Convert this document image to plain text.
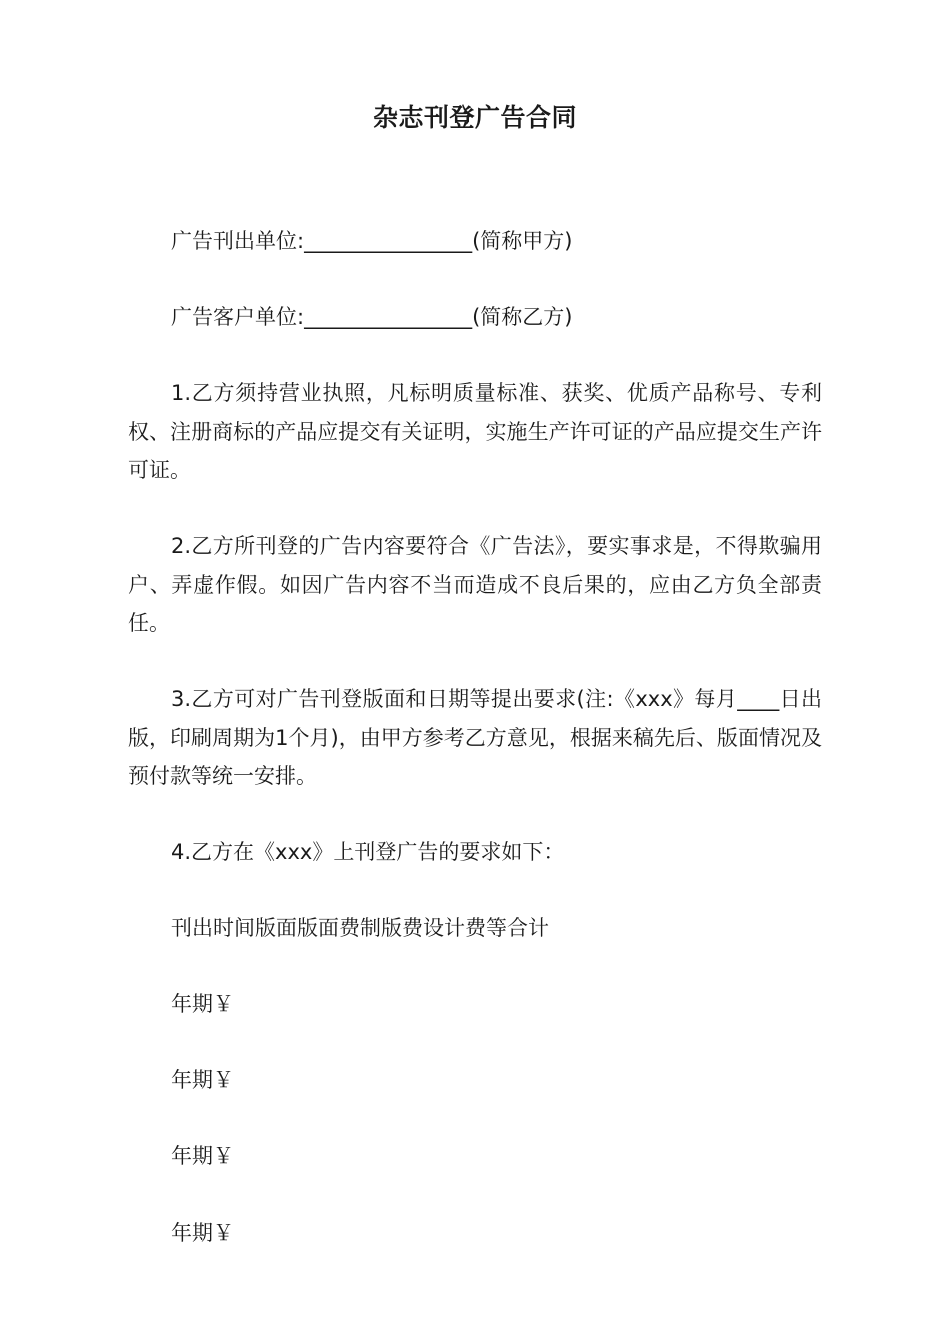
杂志刊登广告合同
广告刊出单位:________________(简称甲方)
广告客户单位:________________(简称乙方)
1.乙方须持营业执照，凡标明质量标准、获奖、优质产品称号、专利权、注册商标的产品应提交有关证明，实施生产许可证的产品应提交生产许可证。
2.乙方所刊登的广告内容要符合《广告法》，要实事求是，不得欺骗用户、弄虚作假。如因广告内容不当而造成不良后果的，应由乙方负全部责任。
3.乙方可对广告刊登版面和日期等提出要求(注:《xxx》每月____日出版，印刷周期为1个月)，由甲方参考乙方意见，根据来稿先后、版面情况及预付款等统一安排。
4.乙方在《xxx》上刊登广告的要求如下：
刊出时间版面版面费制版费设计费等合计
年期￥
年期￥
年期￥
年期￥
